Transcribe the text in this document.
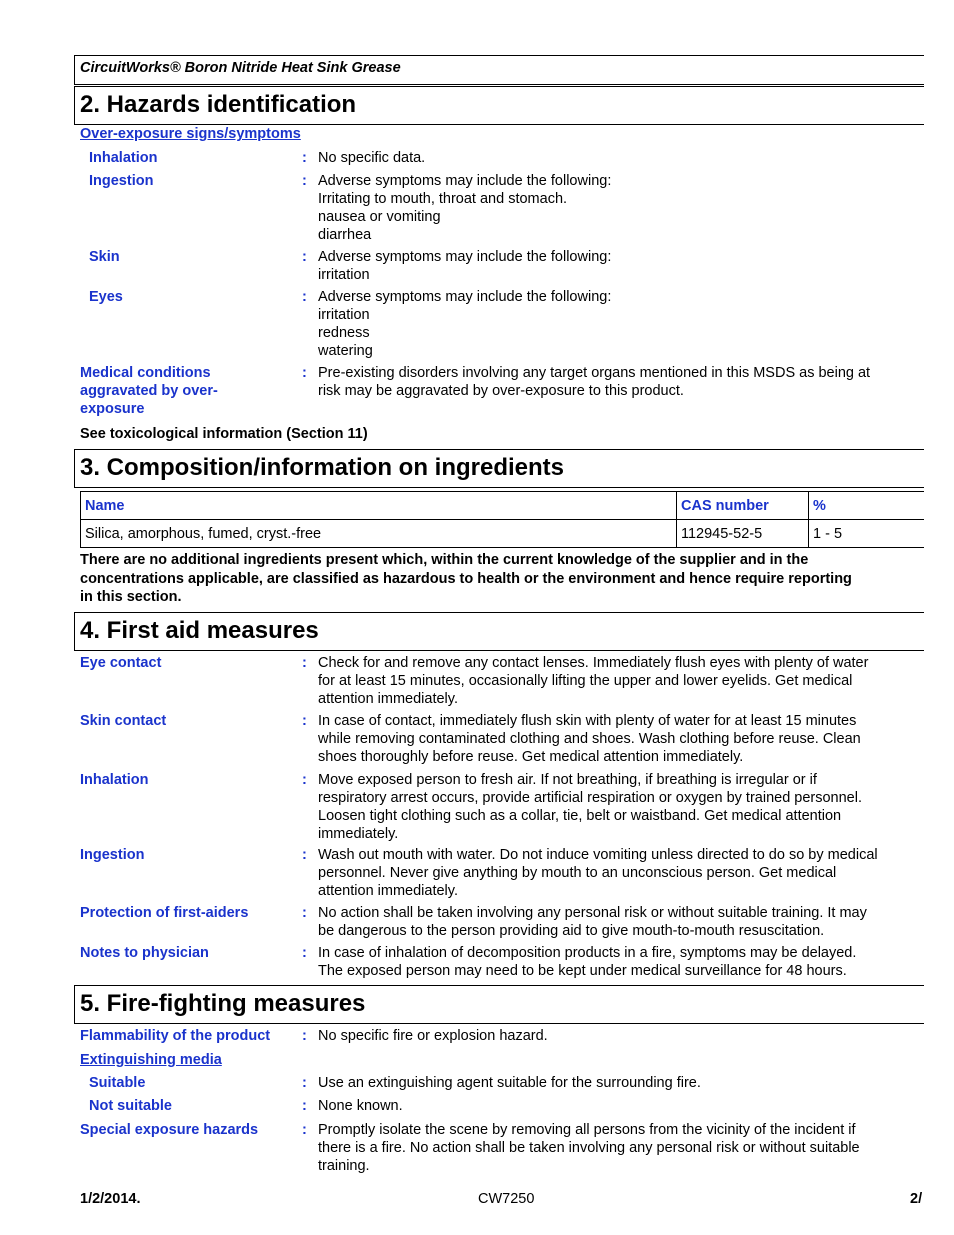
CircuitWorks® Boron Nitride Heat Sink Grease
2. Hazards identification
Over-exposure signs/symptoms
Inhalation	: No specific data.
Ingestion	: Adverse symptoms may include the following:
Irritating to mouth, throat and stomach.
nausea or vomiting
diarrhea
Skin	: Adverse symptoms may include the following:
irritation
Eyes	: Adverse symptoms may include the following:
irritation
redness
watering
Medical conditions
aggravated by over-
exposure
: Pre-existing disorders involving any target organs mentioned in this MSDS as being at
risk may be aggravated by over-exposure to this product.
See toxicological information (Section 11)
3. Composition/information on ingredients
Name	CAS number	%
Silica, amorphous, fumed, cryst.-free	112945-52-5	1 - 5
There are no additional ingredients present which, within the current knowledge of the supplier and in the
concentrations applicable, are classified as hazardous to health or the environment and hence require reporting
in this section.
4. First aid measures
Eye contact	: Check for and remove any contact lenses. Immediately flush eyes with plenty of water
for at least 15 minutes, occasionally lifting the upper and lower eyelids. Get medical
attention immediately.
Skin contact	: In case of contact, immediately flush skin with plenty of water for at least 15 minutes
while removing contaminated clothing and shoes. Wash clothing before reuse. Clean
shoes thoroughly before reuse. Get medical attention immediately.
Inhalation	: Move exposed person to fresh air. If not breathing, if breathing is irregular or if
respiratory arrest occurs, provide artificial respiration or oxygen by trained personnel.
Loosen tight clothing such as a collar, tie, belt or waistband. Get medical attention
immediately.
Ingestion	: Wash out mouth with water. Do not induce vomiting unless directed to do so by medical
personnel. Never give anything by mouth to an unconscious person. Get medical
attention immediately.
Protection of first-aiders	: No action shall be taken involving any personal risk or without suitable training. It may
be dangerous to the person providing aid to give mouth-to-mouth resuscitation.
Notes to physician	: In case of inhalation of decomposition products in a fire, symptoms may be delayed.
The exposed person may need to be kept under medical surveillance for 48 hours.
5. Fire-fighting measures
Flammability of the product : No specific fire or explosion hazard.
Extinguishing media
Suitable	: Use an extinguishing agent suitable for the surrounding fire.
Not suitable	: None known.
Special exposure hazards	: Promptly isolate the scene by removing all persons from the vicinity of the incident if
there is a fire. No action shall be taken involving any personal risk or without suitable
training.
1/2/2014.	CW7250	2/
